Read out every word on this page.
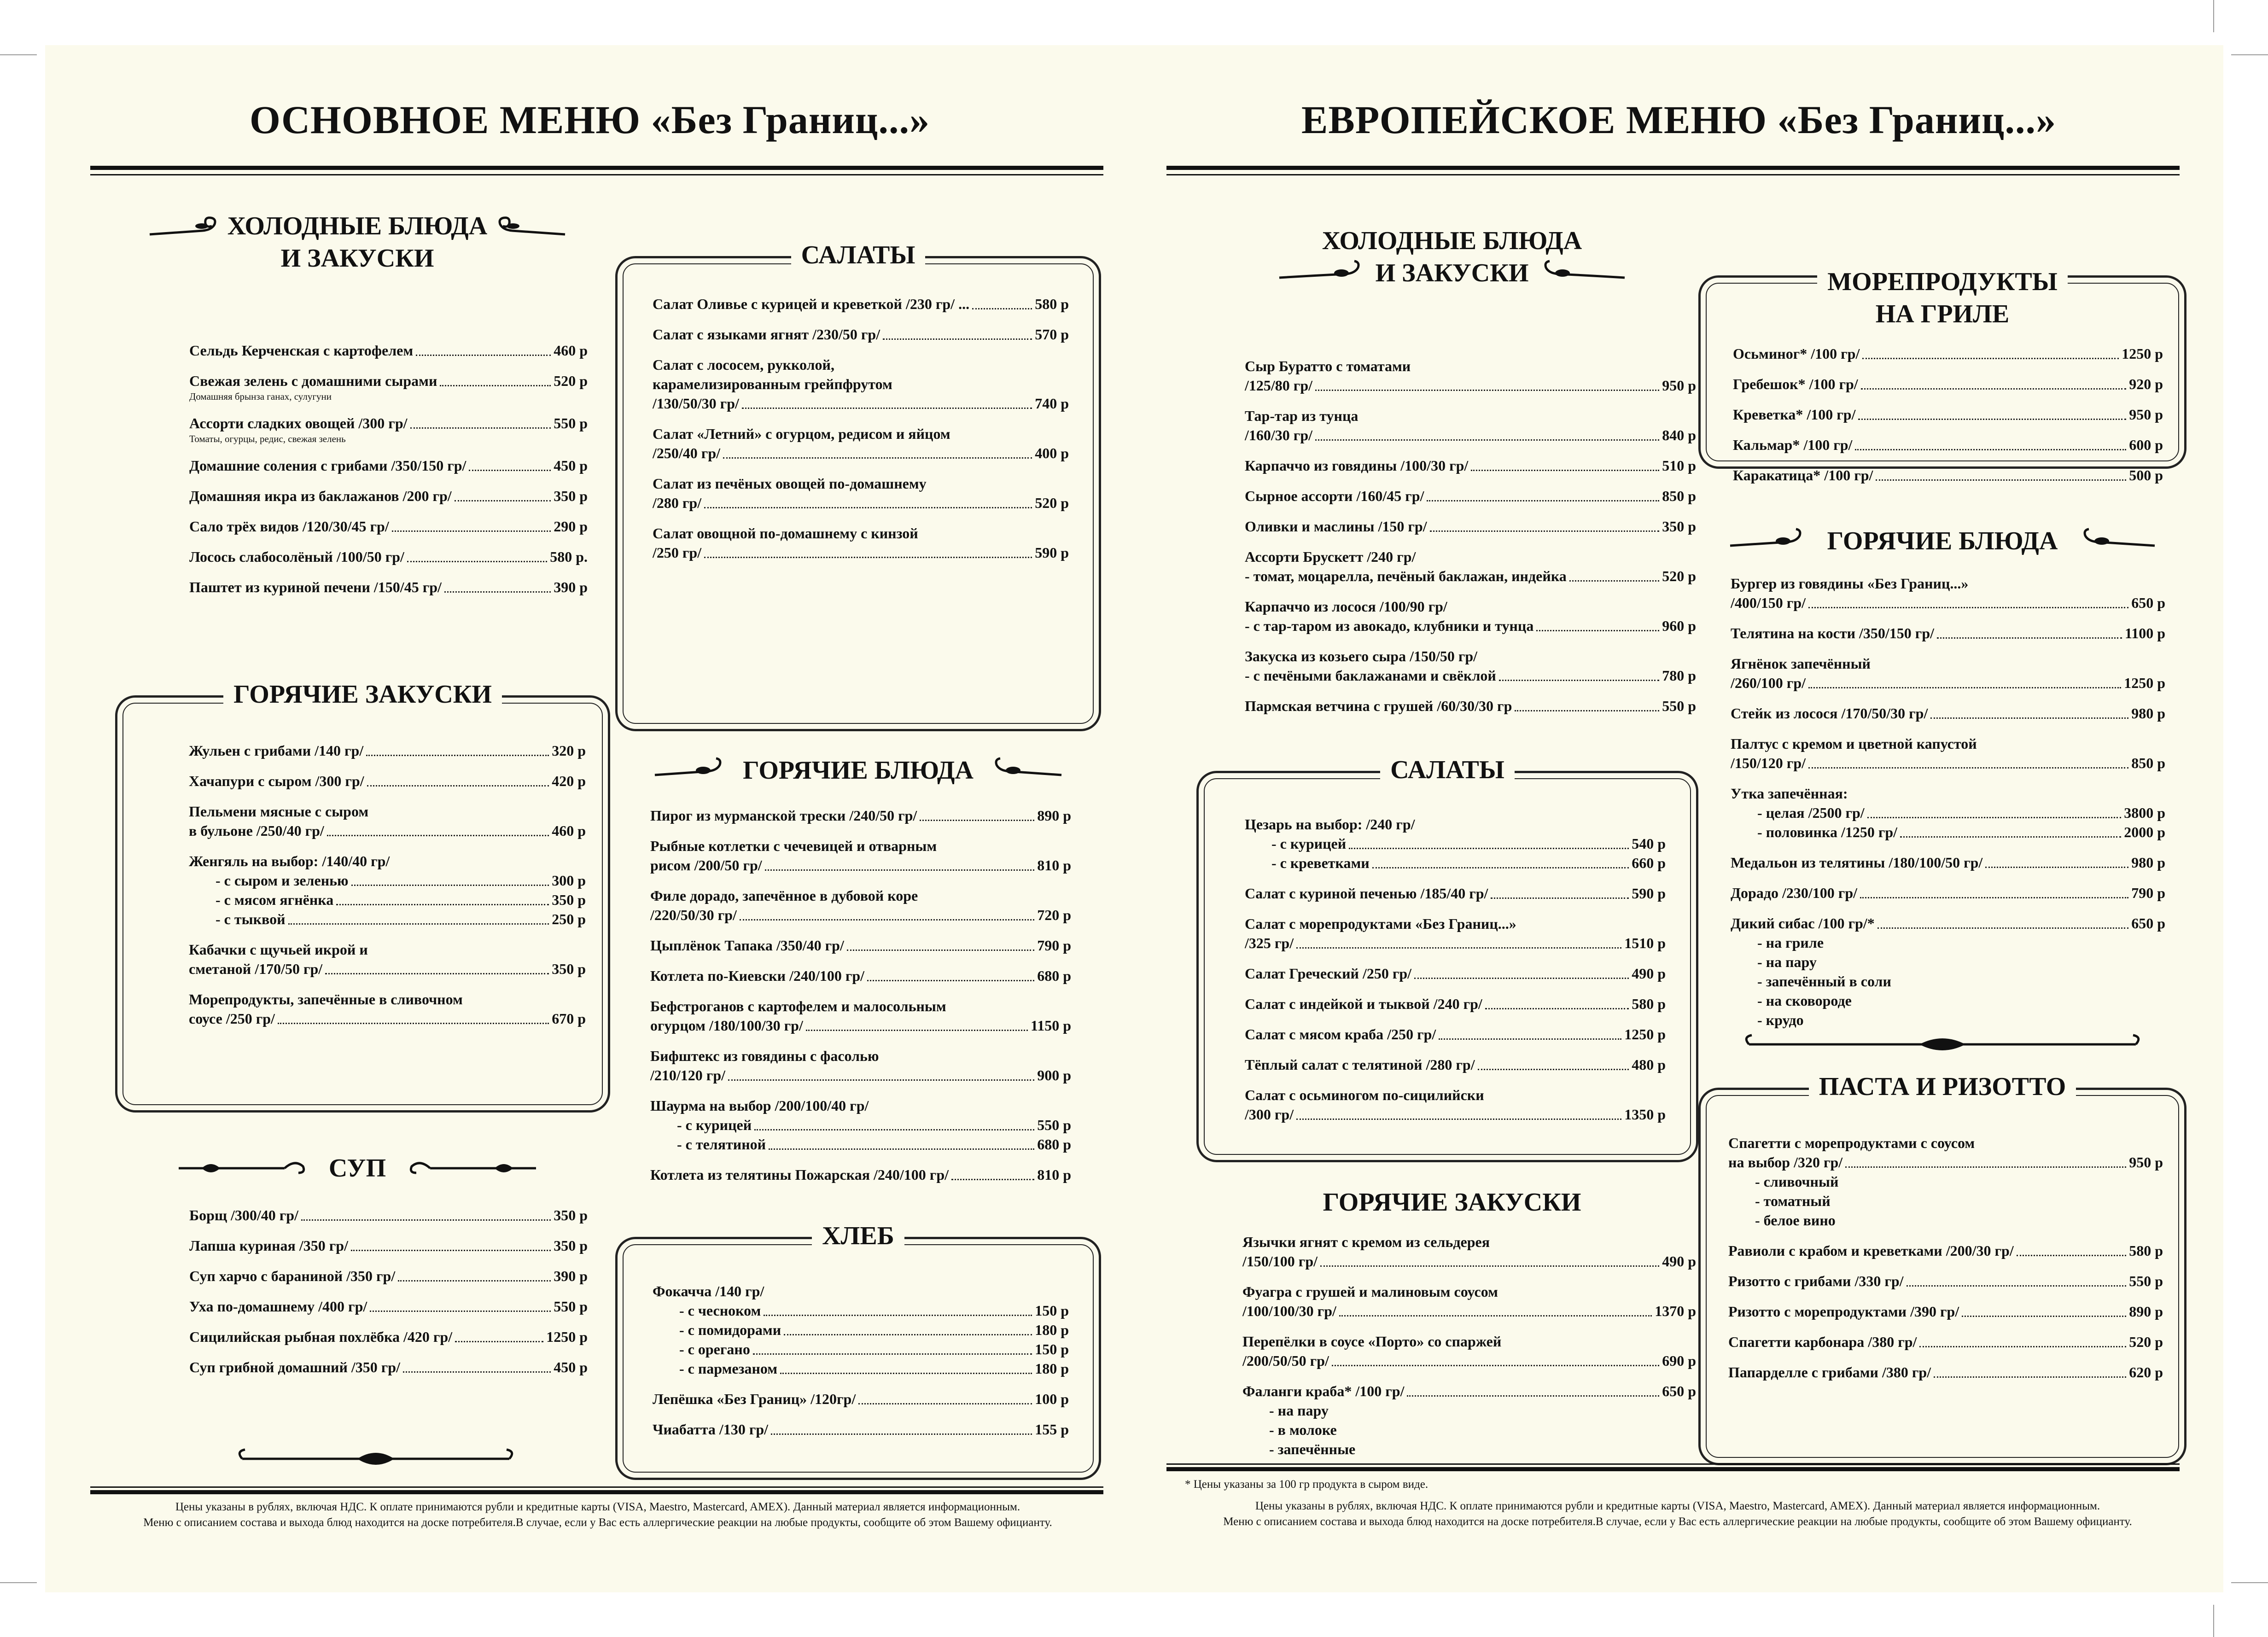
ОСНОВНОЕ МЕНЮ «Без Границ...»
ХОЛОДНЫЕ БЛЮДА
И ЗАКУСКИ
Сельдь Керченская с картофелем	460 р
Свежая зелень с домашними сырами	520 р
Домашняя брынза ганах, сулугуни
Ассорти сладких овощей /300 гр/	550 р
Томаты, огурцы, редис, свежая зелень
Домашние соления с грибами /350/150 гр/	450 р
Домашняя икра из баклажанов /200 гр/	350 р
Сало трёх видов /120/30/45 гр/	290 р
Лосось слабосолёный /100/50 гр/	580 р.
Паштет из куриной печени /150/45 гр/	390 р
ГОРЯЧИЕ ЗАКУСКИ
Жульен с грибами /140 гр/	320 р
Хачапури с сыром /300 гр/	420 р
Пельмени мясные с сыром
в бульоне /250/40 гр/	460 р
Женгяль на выбор: /140/40 гр/
- с сыром и зеленью	300 р
- с мясом ягнёнка	350 р
- с тыквой	250 р
Кабачки с щучьей икрой и
сметаной /170/50 гр/	350 р
Морепродукты, запечённые в сливочном
соусе /250 гр/	670 р
СУП
Борщ /300/40 гр/	350 р
Лапша куриная /350 гр/	350 р
Суп харчо с бараниной /350 гр/	390 р
Уха по-домашнему /400 гр/	550 р
Сицилийская рыбная похлёбка /420 гр/	1250 р
Суп грибной домашний /350 гр/	450 р
САЛАТЫ
Салат Оливье с курицей и креветкой /230 гр/ ...	580 р
Салат с языками ягнят /230/50 гр/	570 р
Салат с лососем, рукколой,
карамелизированным грейпфрутом
/130/50/30 гр/	740 р
Салат «Летний» с огурцом, редисом и яйцом
/250/40 гр/	400 р
Салат из печёных овощей по-домашнему
/280 гр/	520 р
Салат овощной по-домашнему с кинзой
/250 гр/	590 р
ГОРЯЧИЕ БЛЮДА
Пирог из мурманской трески /240/50 гр/	890 р
Рыбные котлетки с чечевицей и отварным
рисом /200/50 гр/	810 р
Филе дорадо, запечённое в дубовой коре
/220/50/30 гр/	720 р
Цыплёнок Тапака /350/40 гр/	790 р
Котлета по-Киевски /240/100 гр/	680 р
Бефстроганов с картофелем и малосольным
огурцом /180/100/30 гр/	1150 р
Бифштекс из говядины с фасолью
/210/120 гр/	900 р
Шаурма на выбор /200/100/40 гр/
- с курицей	550 р
- с телятиной	680 р
Котлета из телятины Пожарская /240/100 гр/	810 р
ХЛЕБ
Фокачча /140 гр/
- с чесноком	150 р
- с помидорами	180 р
- с орегано	150 р
- с пармезаном	180 р
Лепёшка «Без Границ» /120гр/	100 р
Чиабатта /130 гр/	155 р
Цены указаны в рублях, включая НДС. К оплате принимаются рубли и кредитные карты (VISA, Maestro, Mastercard, AMEX). Данный материал является информационным.
Меню с описанием состава и выхода блюд находится на доске потребителя.В случае, если у Вас есть аллергические реакции на любые продукты, сообщите об этом Вашему официанту.
ЕВРОПЕЙСКОЕ МЕНЮ «Без Границ...»
ХОЛОДНЫЕ БЛЮДА
И ЗАКУСКИ
Сыр Буратто с томатами
/125/80 гр/	950 р
Тар-тар из тунца
/160/30 гр/	840 р
Карпаччо из говядины /100/30 гр/	510 р
Сырное ассорти /160/45 гр/	850 р
Оливки и маслины /150 гр/	350 р
Ассорти Брускетт /240 гр/
- томат, моцарелла, печёный баклажан, индейка	520 р
Карпаччо из лосося /100/90 гр/
- с тар-таром из авокадо, клубники и тунца	960 р
Закуска из козьего сыра /150/50 гр/
- с печёными баклажанами и свёклой	780 р
Пармская ветчина с грушей /60/30/30 гр	550 р
САЛАТЫ
Цезарь на выбор: /240 гр/
- с курицей	540 р
- с креветками	660 р
Салат с куриной печенью /185/40 гр/	590 р
Салат с морепродуктами «Без Границ...»
/325 гр/	1510 р
Салат Греческий /250 гр/	490 р
Салат с индейкой и тыквой /240 гр/	580 р
Салат с мясом краба /250 гр/	1250 р
Тёплый салат с телятиной /280 гр/	480 р
Салат с осьминогом по-сицилийски
/300 гр/	1350 р
ГОРЯЧИЕ ЗАКУСКИ
Язычки ягнят с кремом из сельдерея
/150/100 гр/	490 р
Фуагра с грушей и малиновым соусом
/100/100/30 гр/	1370 р
Перепёлки в соусе «Порто» со спаржей
/200/50/50 гр/	690 р
Фаланги краба* /100 гр/	650 р
- на пару
- в молоке
- запечённые
МОРЕПРОДУКТЫ
НА ГРИЛЕ
Осьминог* /100 гр/	1250 р
Гребешок* /100 гр/	920 р
Креветка* /100 гр/	950 р
Кальмар* /100 гр/	600 р
Каракатица* /100 гр/	500 р
ГОРЯЧИЕ БЛЮДА
Бургер из говядины «Без Границ...»
/400/150 гр/	650 р
Телятина на кости /350/150 гр/	1100 р
Ягнёнок запечённый
/260/100 гр/	1250 р
Стейк из лосося /170/50/30 гр/	980 р
Палтус с кремом и цветной капустой
/150/120 гр/	850 р
Утка запечённая:
- целая /2500 гр/	3800 р
- половинка /1250 гр/	2000 р
Медальон из телятины /180/100/50 гр/	980 р
Дорадо /230/100 гр/	790 р
Дикий сибас /100 гр/*	650 р
- на гриле
- на пару
- запечённый в соли
- на сковороде
- крудо
ПАСТА И РИЗОТТО
Спагетти с морепродуктами с соусом
на выбор /320 гр/	950 р
- сливочный
- томатный
- белое вино
Равиоли с крабом и креветками /200/30 гр/	580 р
Ризотто с грибами /330 гр/	550 р
Ризотто с морепродуктами /390 гр/	890 р
Спагетти карбонара /380 гр/	520 р
Папарделле с грибами /380 гр/	620 р
* Цены указаны за 100 гр продукта в сыром виде.
Цены указаны в рублях, включая НДС. К оплате принимаются рубли и кредитные карты (VISA, Maestro, Mastercard, AMEX). Данный материал является информационным.
Меню с описанием состава и выхода блюд находится на доске потребителя.В случае, если у Вас есть аллергические реакции на любые продукты, сообщите об этом Вашему официанту.
